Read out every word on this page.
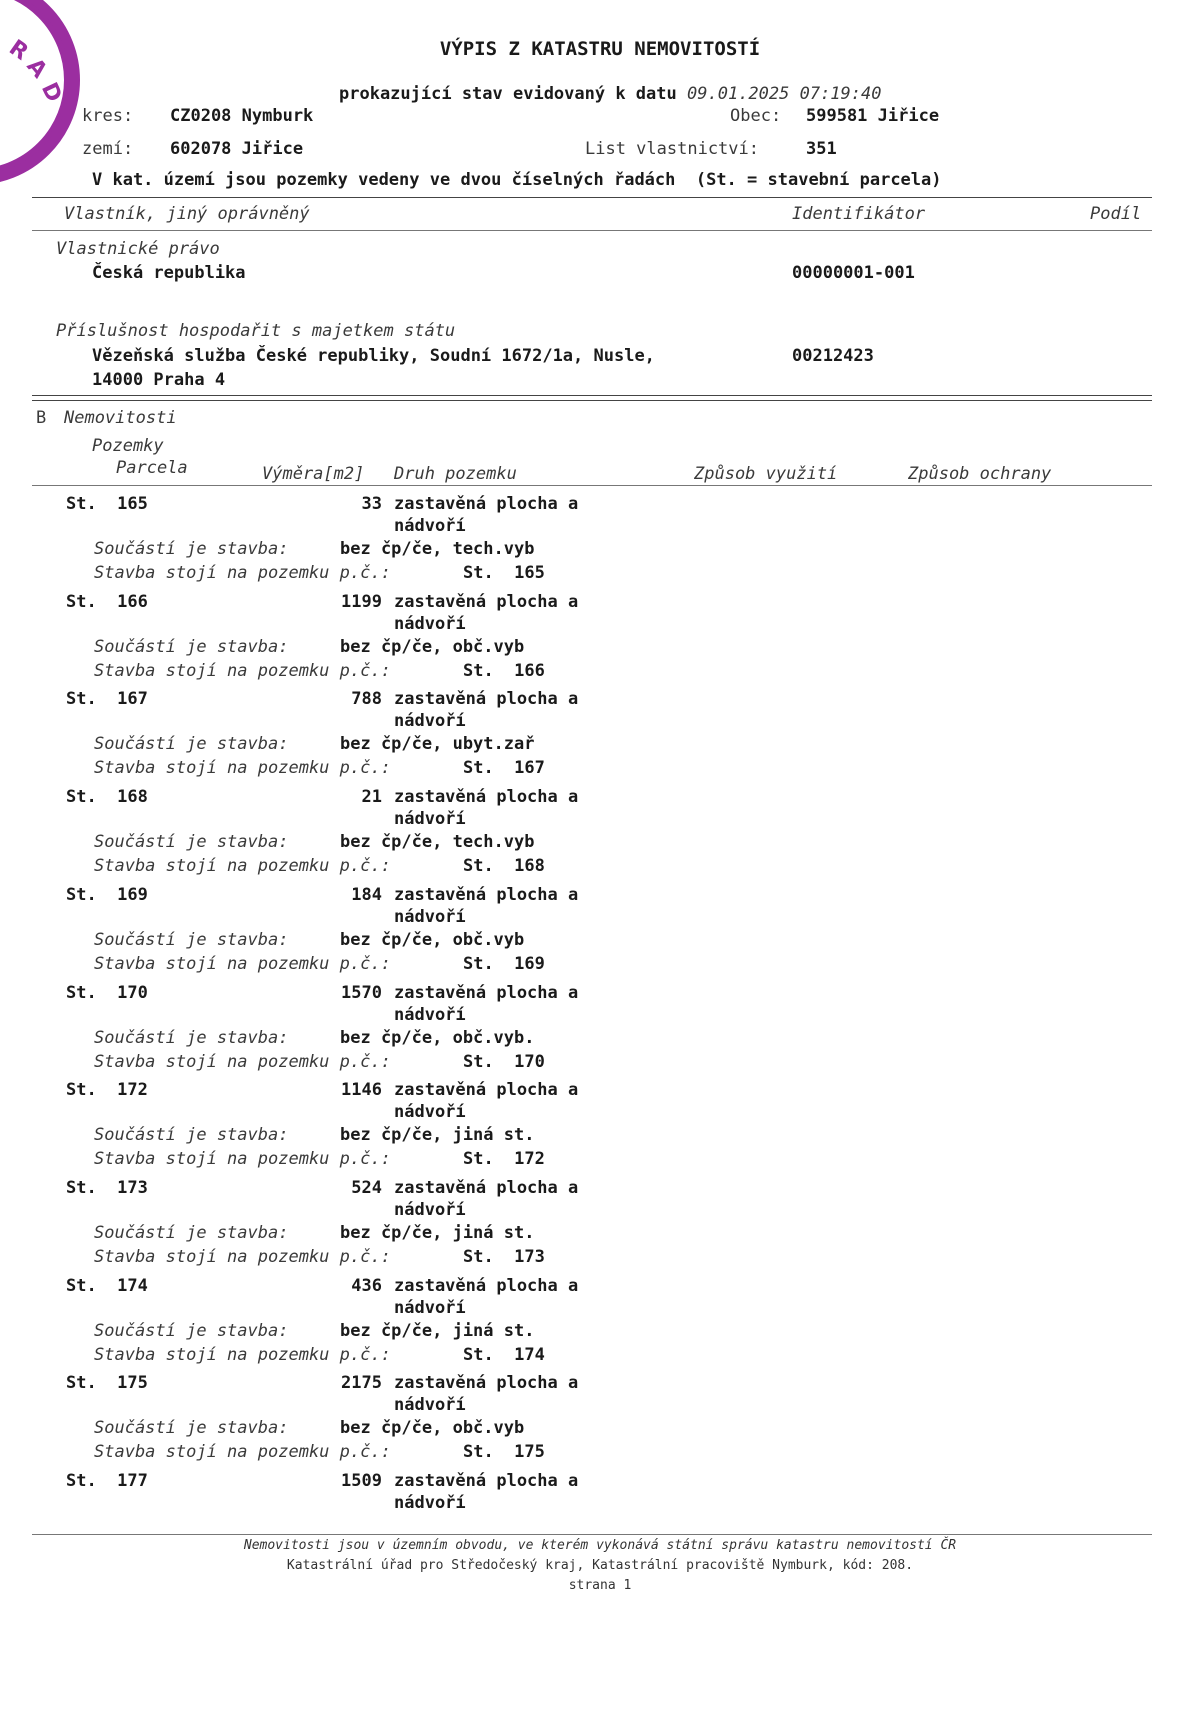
R
A
D
VÝPIS Z KATASTRU NEMOVITOSTÍ

prokazující stav evidovaný k datu 09.01.2025 07:19:40

kres: CZ0208 Nymburk	Obec: 599581 Jiřice
zemí: 602078 Jiřice	List vlastnictví:	351
V kat. území jsou pozemky vedeny ve dvou číselných řadách  (St. = stavební parcela)
Vlastník, jiný oprávněný	Identifikátor	Podíl
Vlastnické právo
Česká republika	00000001-001
Příslušnost hospodařit s majetkem státu
Vězeňská služba České republiky, Soudní 1672/1a, Nusle,	00212423
14000 Praha 4
B Nemovitosti
Pozemky
Parcela	Výměra[m2] Druh pozemku	Způsob využití	Způsob ochrany
St.  165	33 zastavěná plocha a
nádvoří
Součástí je stavba:	bez čp/če, tech.vyb
Stavba stojí na pozemku p.č.:	St.  165
St.  166	1199 zastavěná plocha a
nádvoří
Součástí je stavba:	bez čp/če, obč.vyb
Stavba stojí na pozemku p.č.:	St.  166
St.  167	788 zastavěná plocha a
nádvoří
Součástí je stavba:	bez čp/če, ubyt.zař
Stavba stojí na pozemku p.č.:	St.  167
St.  168	21 zastavěná plocha a
nádvoří
Součástí je stavba:	bez čp/če, tech.vyb
Stavba stojí na pozemku p.č.:	St.  168
St.  169	184 zastavěná plocha a
nádvoří
Součástí je stavba:	bez čp/če, obč.vyb
Stavba stojí na pozemku p.č.:	St.  169
St.  170	1570 zastavěná plocha a
nádvoří
Součástí je stavba:	bez čp/če, obč.vyb.
Stavba stojí na pozemku p.č.:	St.  170
St.  172	1146 zastavěná plocha a
nádvoří
Součástí je stavba:	bez čp/če, jiná st.
Stavba stojí na pozemku p.č.:	St.  172
St.  173	524 zastavěná plocha a
nádvoří
Součástí je stavba:	bez čp/če, jiná st.
Stavba stojí na pozemku p.č.:	St.  173
St.  174	436 zastavěná plocha a
nádvoří
Součástí je stavba:	bez čp/če, jiná st.
Stavba stojí na pozemku p.č.:	St.  174
St.  175	2175 zastavěná plocha a
nádvoří
Součástí je stavba:	bez čp/če, obč.vyb
Stavba stojí na pozemku p.č.:	St.  175
St.  177	1509 zastavěná plocha a
nádvoří
Nemovitosti jsou v územním obvodu, ve kterém vykonává státní správu katastru nemovitostí ČR
Katastrální úřad pro Středočeský kraj, Katastrální pracoviště Nymburk, kód: 208.
strana 1
